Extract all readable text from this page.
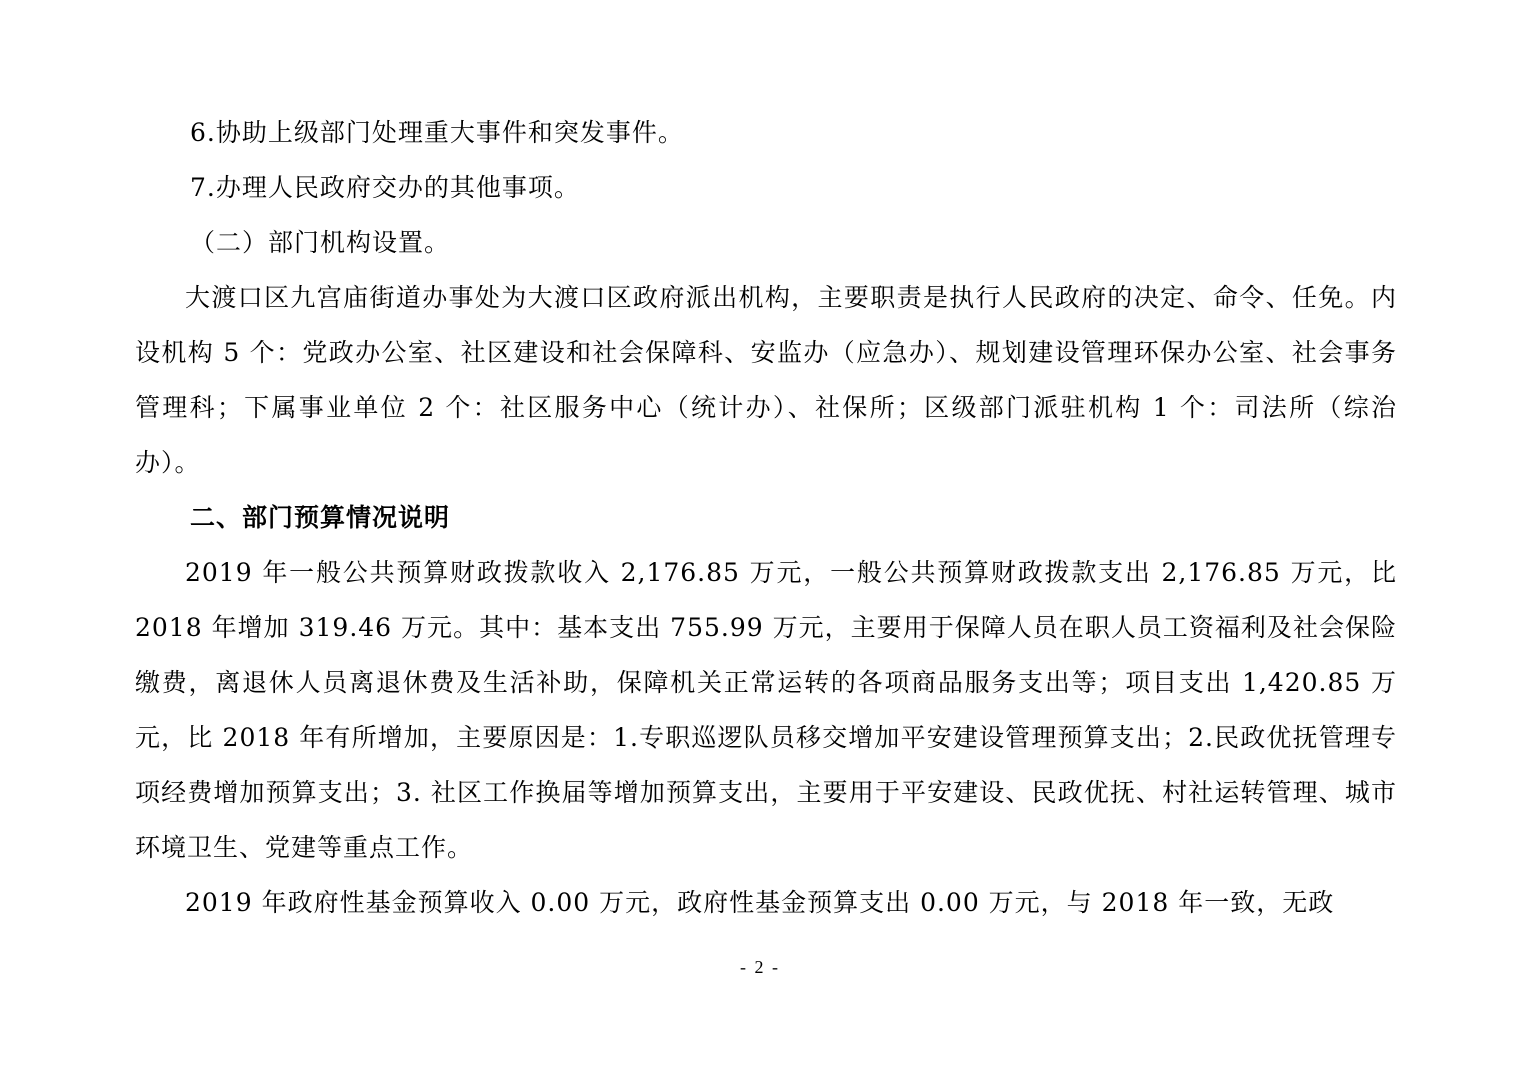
6.协助上级部门处理重大事件和突发事件。
7.办理人民政府交办的其他事项。
（二）部门机构设置。

大渡口区九宫庙街道办事处为大渡口区政府派出机构，主要职责是执行人民政府的决定、命令、任免。内设机构 5 个：党政办公室、社区建设和社会保障科、安监办（应急办）、规划建设管理环保办公室、社会事务管理科；下属事业单位 2 个：社区服务中心（统计办）、社保所；区级部门派驻机构 1 个：司法所（综治办）。

二、部门预算情况说明

2019 年一般公共预算财政拨款收入 2,176.85 万元，一般公共预算财政拨款支出 2,176.85 万元，比 2018 年增加 319.46 万元。其中：基本支出 755.99 万元，主要用于保障人员在职人员工资福利及社会保险缴费，离退休人员离退休费及生活补助，保障机关正常运转的各项商品服务支出等；项目支出 1,420.85 万元，比 2018 年有所增加，主要原因是：1.专职巡逻队员移交增加平安建设管理预算支出；2.民政优抚管理专项经费增加预算支出；3. 社区工作换届等增加预算支出，主要用于平安建设、民政优抚、村社运转管理、城市环境卫生、党建等重点工作。

2019 年政府性基金预算收入 0.00 万元，政府性基金预算支出 0.00 万元，与 2018 年一致，无政

- 2 -
